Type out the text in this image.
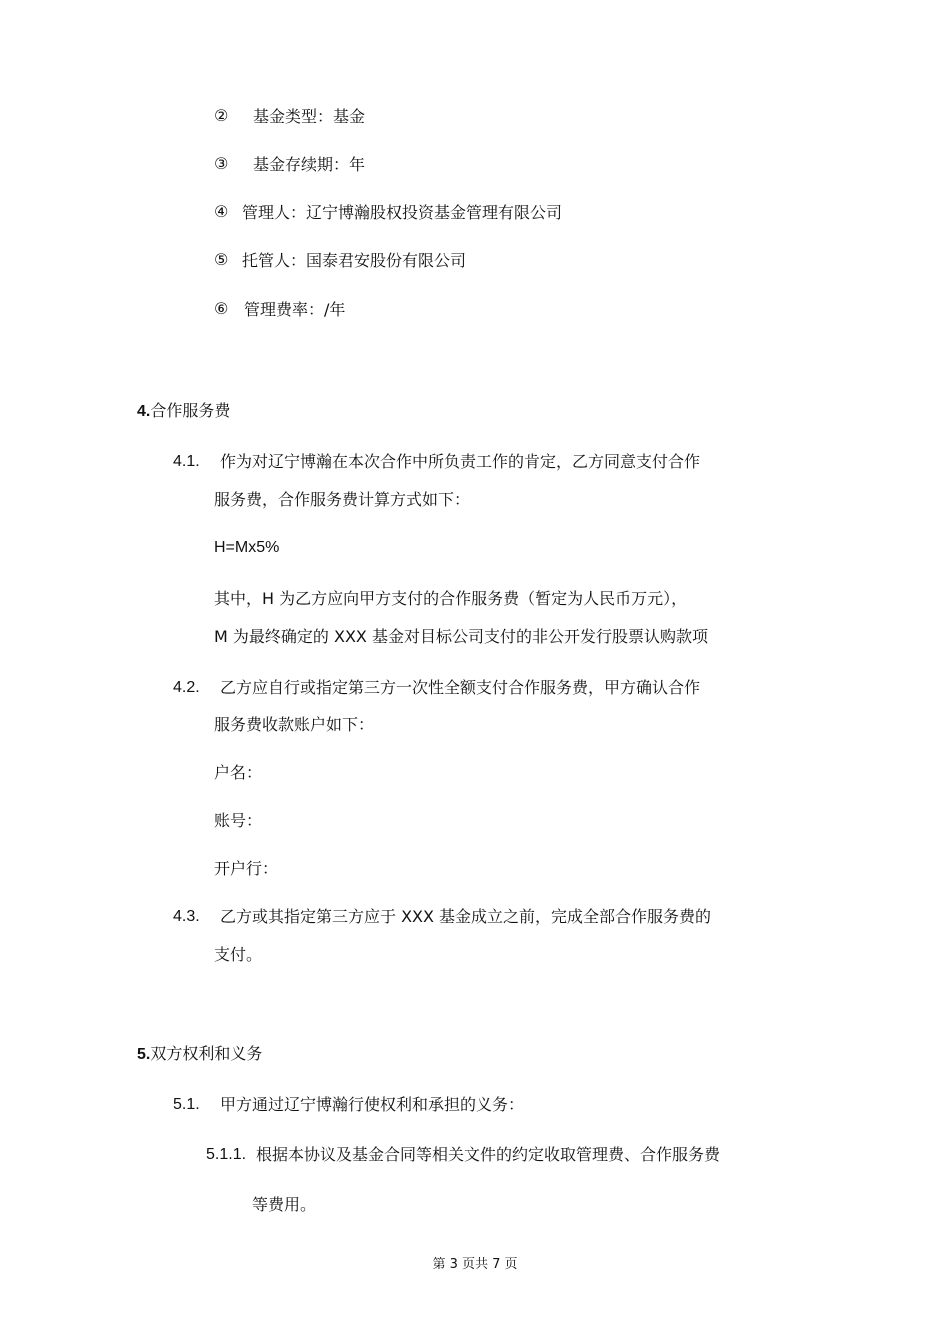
② 基金类型：基金
③ 基金存续期：年
④ 管理人：辽宁博瀚股权投资基金管理有限公司
⑤ 托管人：国泰君安股份有限公司
⑥ 管理费率：/年
4.合作服务费
4.1. 作为对辽宁博瀚在本次合作中所负责工作的肯定，乙方同意支付合作
服务费，合作服务费计算方式如下：
H=Mx5%
其中，H 为乙方应向甲方支付的合作服务费（暂定为人民币万元），
M 为最终确定的 XXX 基金对目标公司支付的非公开发行股票认购款项
4.2. 乙方应自行或指定第三方一次性全额支付合作服务费，甲方确认合作
服务费收款账户如下：
户名：
账号：
开户行：
4.3. 乙方或其指定第三方应于 XXX 基金成立之前，完成全部合作服务费的
支付。
5.双方权利和义务
5.1. 甲方通过辽宁博瀚行使权利和承担的义务：
5.1.1. 根据本协议及基金合同等相关文件的约定收取管理费、合作服务费
等费用。
第 3 页共 7 页
